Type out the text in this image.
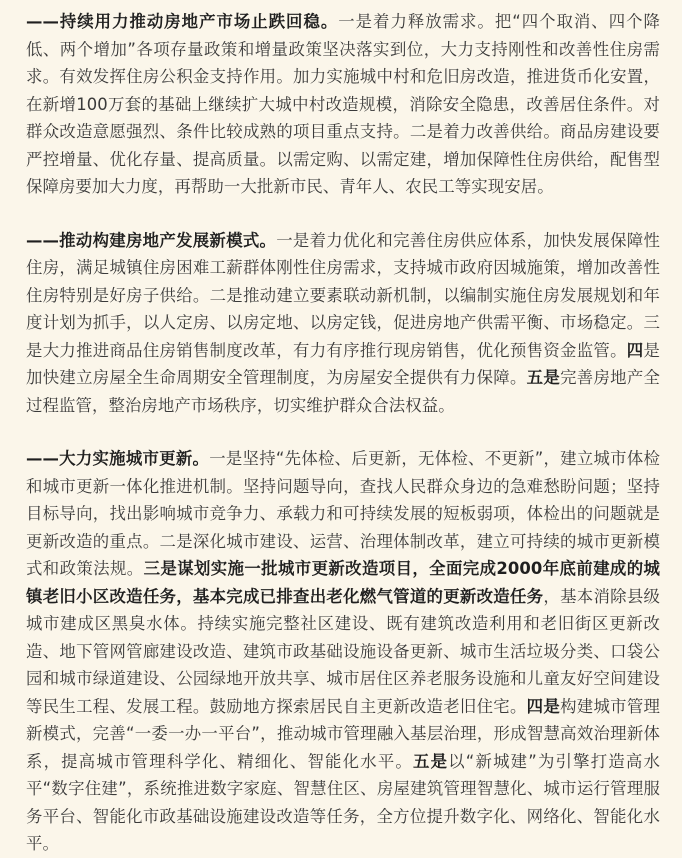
——持续用力推动房地产市场止跌回稳。一是着力释放需求。把“四个取消、四个降低、两个增加”各项存量政策和增量政策坚决落实到位，大力支持刚性和改善性住房需求。有效发挥住房公积金支持作用。加力实施城中村和危旧房改造，推进货币化安置，在新增100万套的基础上继续扩大城中村改造规模，消除安全隐患，改善居住条件。对群众改造意愿强烈、条件比较成熟的项目重点支持。二是着力改善供给。商品房建设要严控增量、优化存量、提高质量。以需定购、以需定建，增加保障性住房供给，配售型保障房要加大力度，再帮助一大批新市民、青年人、农民工等实现安居。

——推动构建房地产发展新模式。一是着力优化和完善住房供应体系，加快发展保障性住房，满足城镇住房困难工薪群体刚性住房需求，支持城市政府因城施策，增加改善性住房特别是好房子供给。二是推动建立要素联动新机制，以编制实施住房发展规划和年度计划为抓手，以人定房、以房定地、以房定钱，促进房地产供需平衡、市场稳定。三是大力推进商品住房销售制度改革，有力有序推行现房销售，优化预售资金监管。四是加快建立房屋全生命周期安全管理制度，为房屋安全提供有力保障。五是完善房地产全过程监管，整治房地产市场秩序，切实维护群众合法权益。

——大力实施城市更新。一是坚持“先体检、后更新，无体检、不更新”，建立城市体检和城市更新一体化推进机制。坚持问题导向，查找人民群众身边的急难愁盼问题；坚持目标导向，找出影响城市竞争力、承载力和可持续发展的短板弱项，体检出的问题就是更新改造的重点。二是深化城市建设、运营、治理体制改革，建立可持续的城市更新模式和政策法规。三是谋划实施一批城市更新改造项目，全面完成2000年底前建成的城镇老旧小区改造任务，基本完成已排查出老化燃气管道的更新改造任务，基本消除县级城市建成区黑臭水体。持续实施完整社区建设、既有建筑改造利用和老旧街区更新改造、地下管网管廊建设改造、建筑市政基础设施设备更新、城市生活垃圾分类、口袋公园和城市绿道建设、公园绿地开放共享、城市居住区养老服务设施和儿童友好空间建设等民生工程、发展工程。鼓励地方探索居民自主更新改造老旧住宅。四是构建城市管理新模式，完善“一委一办一平台”，推动城市管理融入基层治理，形成智慧高效治理新体系，提高城市管理科学化、精细化、智能化水平。五是以“新城建”为引擎打造高水平“数字住建”，系统推进数字家庭、智慧住区、房屋建筑管理智慧化、城市运行管理服务平台、智能化市政基础设施建设改造等任务，全方位提升数字化、网络化、智能化水平。
